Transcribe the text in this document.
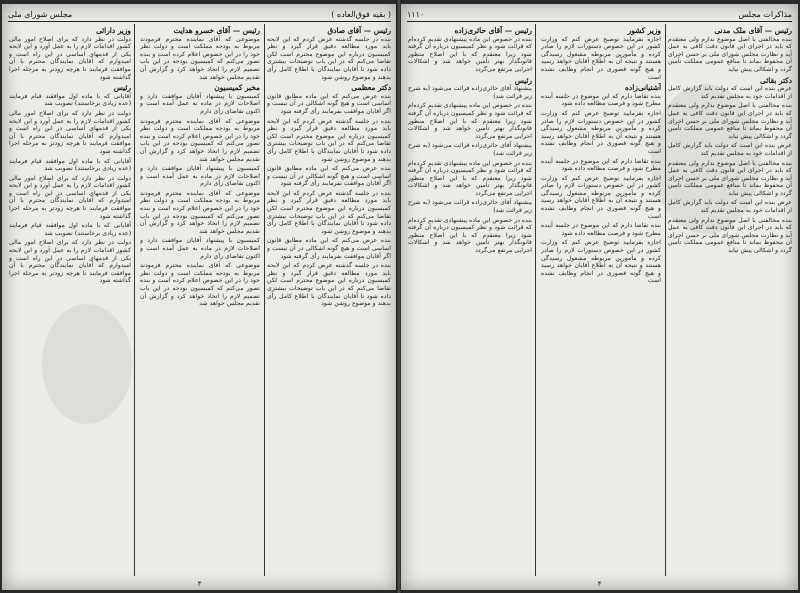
مجلس شورای ملی	( بقیه فوق‌العاده )
رئیس — آقای صادق

بنده در جلسه گذشته عرض کردم که این لایحه باید مورد مطالعه دقیق قرار گیرد و نظر کمیسیون درباره این موضوع محترم است لکن تقاضا می‌کنم که در این باب توضیحات بیشتری داده شود تا آقایان نمایندگان با اطلاع کامل رأی بدهند و موضوع روشن شود

دکتر معظمی

بنده عرض می‌کنم که این ماده مطابق قانون اساسی است و هیچ گونه اشکالی در آن نیست و اگر آقایان موافقت بفرمایند رأی گرفته شود

بنده در جلسه گذشته عرض کردم که این لایحه باید مورد مطالعه دقیق قرار گیرد و نظر کمیسیون درباره این موضوع محترم است لکن تقاضا می‌کنم که در این باب توضیحات بیشتری داده شود تا آقایان نمایندگان با اطلاع کامل رأی بدهند و موضوع روشن شود

بنده عرض می‌کنم که این ماده مطابق قانون اساسی است و هیچ گونه اشکالی در آن نیست و اگر آقایان موافقت بفرمایند رأی گرفته شود

بنده در جلسه گذشته عرض کردم که این لایحه باید مورد مطالعه دقیق قرار گیرد و نظر کمیسیون درباره این موضوع محترم است لکن تقاضا می‌کنم که در این باب توضیحات بیشتری داده شود تا آقایان نمایندگان با اطلاع کامل رأی بدهند و موضوع روشن شود

بنده عرض می‌کنم که این ماده مطابق قانون اساسی است و هیچ گونه اشکالی در آن نیست و اگر آقایان موافقت بفرمایند رأی گرفته شود

بنده در جلسه گذشته عرض کردم که این لایحه باید مورد مطالعه دقیق قرار گیرد و نظر کمیسیون درباره این موضوع محترم است لکن تقاضا می‌کنم که در این باب توضیحات بیشتری داده شود تا آقایان نمایندگان با اطلاع کامل رأی بدهند و موضوع روشن شود

رئیس — آقای خسرو هدایت

موضوعی که آقای نماینده محترم فرمودند مربوط به بودجه مملکت است و دولت نظر خود را در این خصوص اعلام کرده است و بنده تصور می‌کنم که کمیسیون بودجه در این باب تصمیم لازم را اتخاذ خواهد کرد و گزارش آن تقدیم مجلس خواهد شد

مخبر کمیسیون

کمیسیون با پیشنهاد آقایان موافقت دارد و اصلاحات لازم در ماده به عمل آمده است و اکنون تقاضای رأی دارم

موضوعی که آقای نماینده محترم فرمودند مربوط به بودجه مملکت است و دولت نظر خود را در این خصوص اعلام کرده است و بنده تصور می‌کنم که کمیسیون بودجه در این باب تصمیم لازم را اتخاذ خواهد کرد و گزارش آن تقدیم مجلس خواهد شد

کمیسیون با پیشنهاد آقایان موافقت دارد و اصلاحات لازم در ماده به عمل آمده است و اکنون تقاضای رأی دارم

موضوعی که آقای نماینده محترم فرمودند مربوط به بودجه مملکت است و دولت نظر خود را در این خصوص اعلام کرده است و بنده تصور می‌کنم که کمیسیون بودجه در این باب تصمیم لازم را اتخاذ خواهد کرد و گزارش آن تقدیم مجلس خواهد شد

کمیسیون با پیشنهاد آقایان موافقت دارد و اصلاحات لازم در ماده به عمل آمده است و اکنون تقاضای رأی دارم

موضوعی که آقای نماینده محترم فرمودند مربوط به بودجه مملکت است و دولت نظر خود را در این خصوص اعلام کرده است و بنده تصور می‌کنم که کمیسیون بودجه در این باب تصمیم لازم را اتخاذ خواهد کرد و گزارش آن تقدیم مجلس خواهد شد

وزیر دارائی

دولت در نظر دارد که برای اصلاح امور مالی کشور اقدامات لازم را به عمل آورد و این لایحه یکی از قدمهای اساسی در این راه است و امیدوارم که آقایان نمایندگان محترم با آن موافقت فرمایند تا هرچه زودتر به مرحله اجرا گذاشته شود

رئیس

آقایانی که با ماده اول موافقند قیام فرمایند (عده زیادی برخاستند) تصویب شد

دولت در نظر دارد که برای اصلاح امور مالی کشور اقدامات لازم را به عمل آورد و این لایحه یکی از قدمهای اساسی در این راه است و امیدوارم که آقایان نمایندگان محترم با آن موافقت فرمایند تا هرچه زودتر به مرحله اجرا گذاشته شود

آقایانی که با ماده اول موافقند قیام فرمایند (عده زیادی برخاستند) تصویب شد

دولت در نظر دارد که برای اصلاح امور مالی کشور اقدامات لازم را به عمل آورد و این لایحه یکی از قدمهای اساسی در این راه است و امیدوارم که آقایان نمایندگان محترم با آن موافقت فرمایند تا هرچه زودتر به مرحله اجرا گذاشته شود

آقایانی که با ماده اول موافقند قیام فرمایند (عده زیادی برخاستند) تصویب شد

دولت در نظر دارد که برای اصلاح امور مالی کشور اقدامات لازم را به عمل آورد و این لایحه یکی از قدمهای اساسی در این راه است و امیدوارم که آقایان نمایندگان محترم با آن موافقت فرمایند تا هرچه زودتر به مرحله اجرا گذاشته شود

۳
۱۱۱۰	مذاکرات مجلس
رئیس — آقای ملک مدنی

بنده مخالفتی با اصل موضوع ندارم ولی معتقدم که باید در اجرای این قانون دقت کافی به عمل آید و نظارت مجلس شورای ملی بر حسن اجرای آن محفوظ بماند تا منافع عمومی مملکت تأمین گردد و اشکالی پیش نیاید

دکتر بقائی

عرض بنده این است که دولت باید گزارش کامل از اقدامات خود به مجلس تقدیم کند

بنده مخالفتی با اصل موضوع ندارم ولی معتقدم که باید در اجرای این قانون دقت کافی به عمل آید و نظارت مجلس شورای ملی بر حسن اجرای آن محفوظ بماند تا منافع عمومی مملکت تأمین گردد و اشکالی پیش نیاید

عرض بنده این است که دولت باید گزارش کامل از اقدامات خود به مجلس تقدیم کند

بنده مخالفتی با اصل موضوع ندارم ولی معتقدم که باید در اجرای این قانون دقت کافی به عمل آید و نظارت مجلس شورای ملی بر حسن اجرای آن محفوظ بماند تا منافع عمومی مملکت تأمین گردد و اشکالی پیش نیاید

عرض بنده این است که دولت باید گزارش کامل از اقدامات خود به مجلس تقدیم کند

بنده مخالفتی با اصل موضوع ندارم ولی معتقدم که باید در اجرای این قانون دقت کافی به عمل آید و نظارت مجلس شورای ملی بر حسن اجرای آن محفوظ بماند تا منافع عمومی مملکت تأمین گردد و اشکالی پیش نیاید

وزیر کشور

اجازه بفرمایید توضیح عرض کنم که وزارت کشور در این خصوص دستورات لازم را صادر کرده و مأمورین مربوطه مشغول رسیدگی هستند و نتیجه آن به اطلاع آقایان خواهد رسید و هیچ گونه قصوری در انجام وظایف نشده است

آشتیانی‌زاده

بنده تقاضا دارم که این موضوع در جلسه آینده مطرح شود و فرصت مطالعه داده شود

اجازه بفرمایید توضیح عرض کنم که وزارت کشور در این خصوص دستورات لازم را صادر کرده و مأمورین مربوطه مشغول رسیدگی هستند و نتیجه آن به اطلاع آقایان خواهد رسید و هیچ گونه قصوری در انجام وظایف نشده است

بنده تقاضا دارم که این موضوع در جلسه آینده مطرح شود و فرصت مطالعه داده شود

اجازه بفرمایید توضیح عرض کنم که وزارت کشور در این خصوص دستورات لازم را صادر کرده و مأمورین مربوطه مشغول رسیدگی هستند و نتیجه آن به اطلاع آقایان خواهد رسید و هیچ گونه قصوری در انجام وظایف نشده است

بنده تقاضا دارم که این موضوع در جلسه آینده مطرح شود و فرصت مطالعه داده شود

اجازه بفرمایید توضیح عرض کنم که وزارت کشور در این خصوص دستورات لازم را صادر کرده و مأمورین مربوطه مشغول رسیدگی هستند و نتیجه آن به اطلاع آقایان خواهد رسید و هیچ گونه قصوری در انجام وظایف نشده است

رئیس — آقای حائری‌زاده

بنده در خصوص این ماده پیشنهادی تقدیم کرده‌ام که قرائت شود و نظر کمیسیون درباره آن گرفته شود زیرا معتقدم که با این اصلاح منظور قانونگذار بهتر تأمین خواهد شد و اشکالات اجرایی مرتفع می‌گردد

رئیس

پیشنهاد آقای حائری‌زاده قرائت می‌شود (به شرح زیر قرائت شد)

بنده در خصوص این ماده پیشنهادی تقدیم کرده‌ام که قرائت شود و نظر کمیسیون درباره آن گرفته شود زیرا معتقدم که با این اصلاح منظور قانونگذار بهتر تأمین خواهد شد و اشکالات اجرایی مرتفع می‌گردد

پیشنهاد آقای حائری‌زاده قرائت می‌شود (به شرح زیر قرائت شد)

بنده در خصوص این ماده پیشنهادی تقدیم کرده‌ام که قرائت شود و نظر کمیسیون درباره آن گرفته شود زیرا معتقدم که با این اصلاح منظور قانونگذار بهتر تأمین خواهد شد و اشکالات اجرایی مرتفع می‌گردد

پیشنهاد آقای حائری‌زاده قرائت می‌شود (به شرح زیر قرائت شد)

بنده در خصوص این ماده پیشنهادی تقدیم کرده‌ام که قرائت شود و نظر کمیسیون درباره آن گرفته شود زیرا معتقدم که با این اصلاح منظور قانونگذار بهتر تأمین خواهد شد و اشکالات اجرایی مرتفع می‌گردد

۴
